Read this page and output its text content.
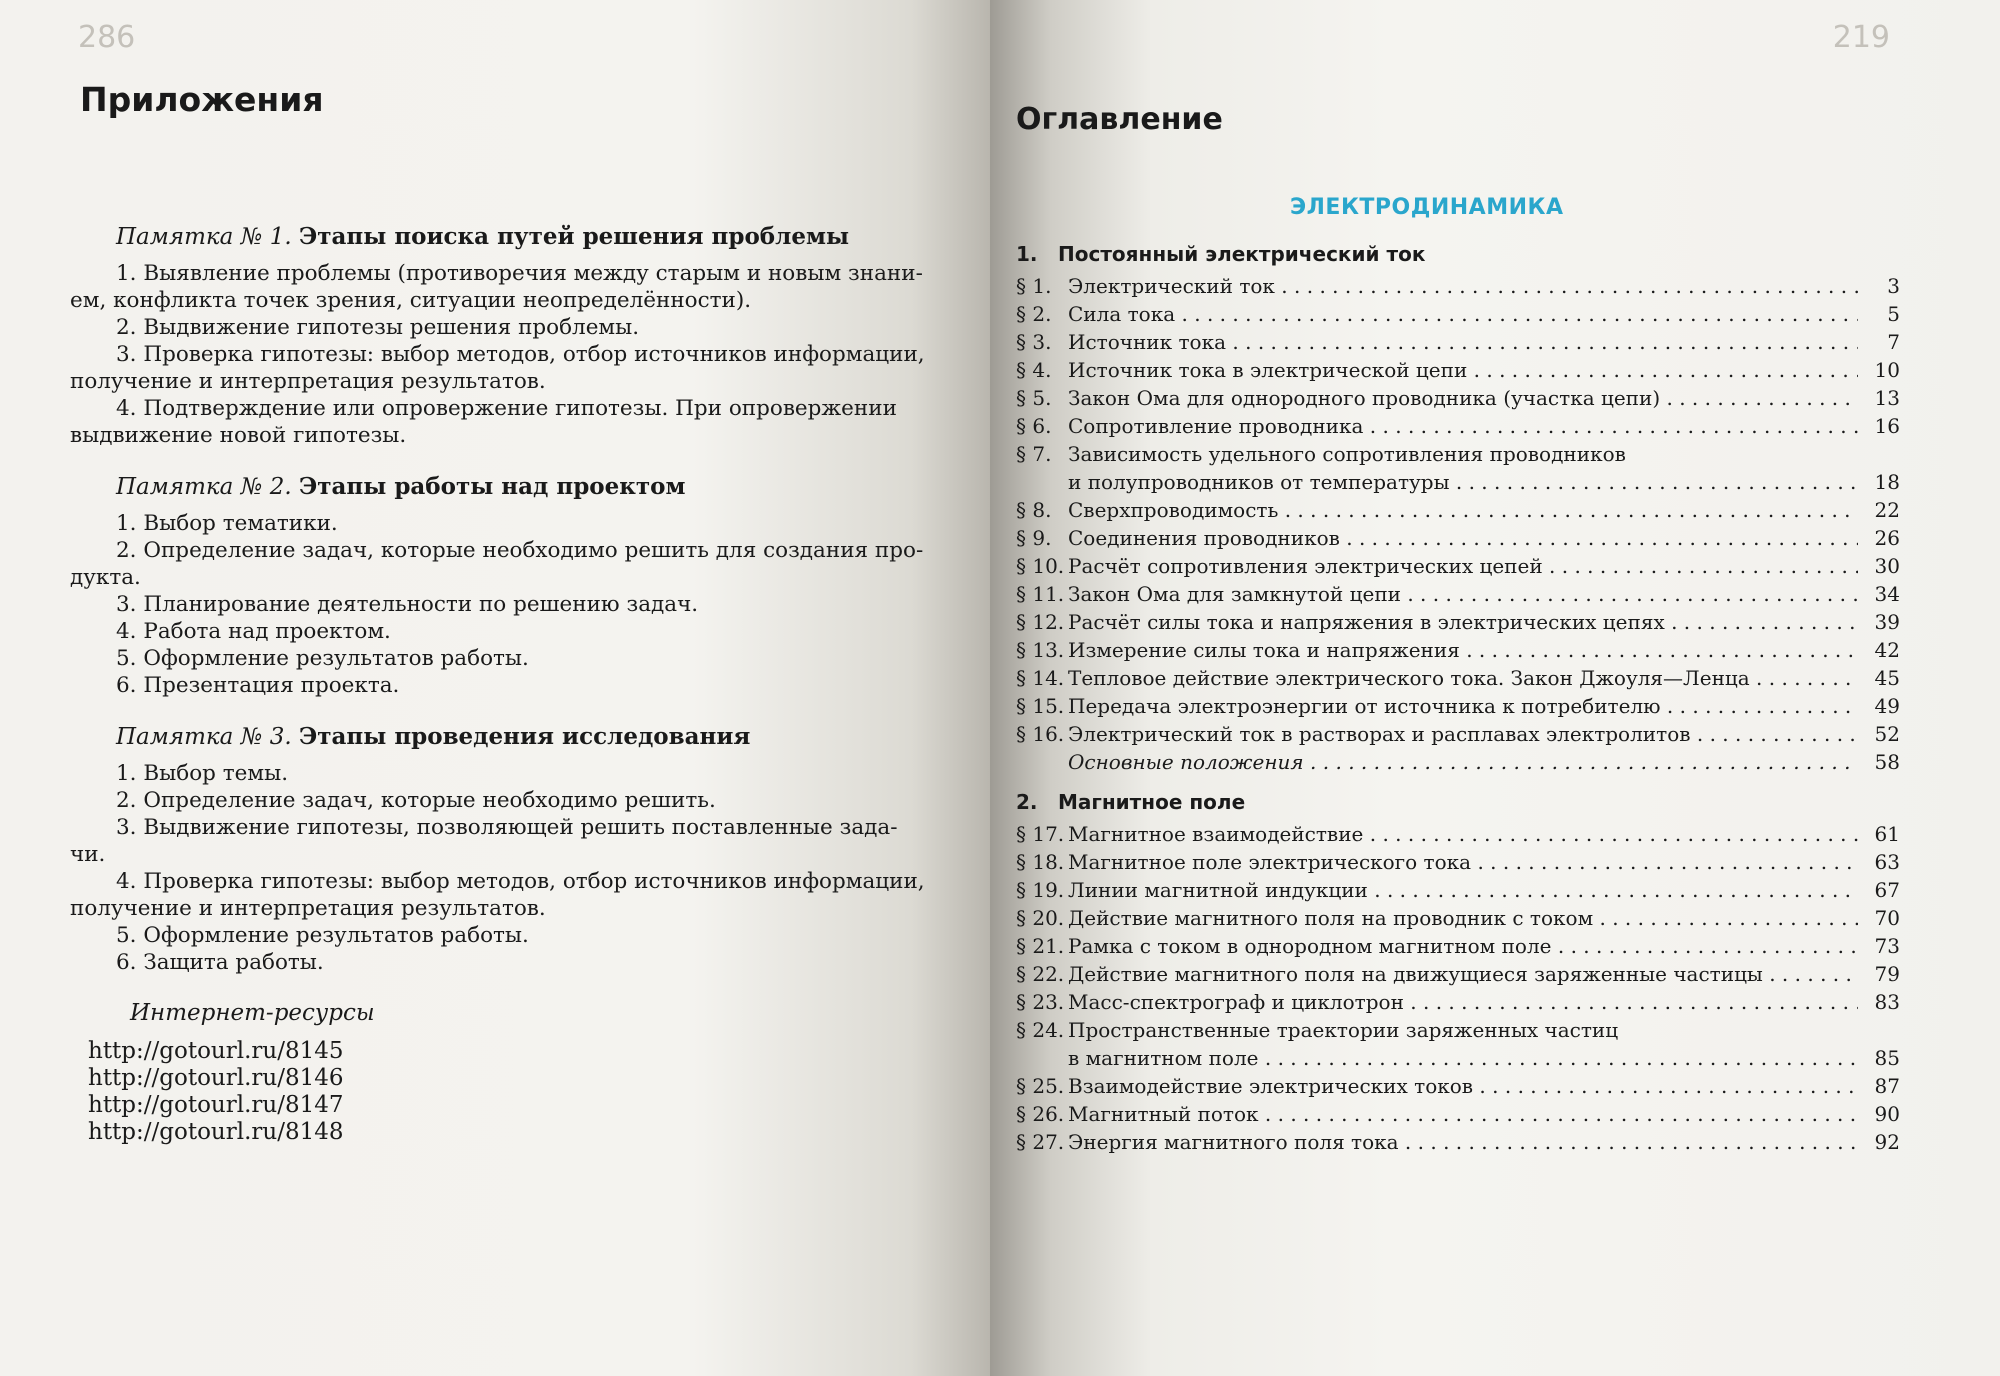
286
Приложения
Памятка № 1. Этапы поиска путей решения проблемы

1. Выявление проблемы (противоречия между старым и новым знани-

ем, конфликта точек зрения, ситуации неопределённости).

2. Выдвижение гипотезы решения проблемы.

3. Проверка гипотезы: выбор методов, отбор источников информации,

получение и интерпретация результатов.

4. Подтверждение или опровержение гипотезы. При опровержении

выдвижение новой гипотезы.

Памятка № 2. Этапы работы над проектом

1. Выбор тематики.

2. Определение задач, которые необходимо решить для создания про-

дукта.

3. Планирование деятельности по решению задач.

4. Работа над проектом.

5. Оформление результатов работы.

6. Презентация проекта.

Памятка № 3. Этапы проведения исследования

1. Выбор темы.

2. Определение задач, которые необходимо решить.

3. Выдвижение гипотезы, позволяющей решить поставленные зада-

чи.

4. Проверка гипотезы: выбор методов, отбор источников информации,

получение и интерпретация результатов.

5. Оформление результатов работы.

6. Защита работы.

Интернет-ресурсы
http://gotourl.ru/8145
http://gotourl.ru/8146
http://gotourl.ru/8147
http://gotourl.ru/8148
219
Оглавление
ЭЛЕКТРОДИНАМИКА
1. Постоянный электрический ток
§ 1. Электрический ток . . .	3
§ 2. Сила тока . . .	5
§ 3. Источник тока . . .	7
§ 4. Источник тока в электрической цепи . . .	10
§ 5. Закон Ома для однородного проводника (участка цепи) . . .	13
§ 6. Сопротивление проводника . . .	16
§ 7. Зависимость удельного сопротивления проводников
и полупроводников от температуры . . .	18
§ 8. Сверхпроводимость . . .	22
§ 9. Соединения проводников . . .	26
§ 10. Расчёт сопротивления электрических цепей . . .	30
§ 11. Закон Ома для замкнутой цепи . . .	34
§ 12. Расчёт силы тока и напряжения в электрических цепях . . .	39
§ 13. Измерение силы тока и напряжения . . .	42
§ 14. Тепловое действие электрического тока. Закон Джоуля—Ленца . . .	45
§ 15. Передача электроэнергии от источника к потребителю . . .	49
§ 16. Электрический ток в растворах и расплавах электролитов . . .	52
Основные положения . . .	58
2. Магнитное поле
§ 17. Магнитное взаимодействие . . .	61
§ 18. Магнитное поле электрического тока . . .	63
§ 19. Линии магнитной индукции . . .	67
§ 20. Действие магнитного поля на проводник с током . . .	70
§ 21. Рамка с током в однородном магнитном поле . . .	73
§ 22. Действие магнитного поля на движущиеся заряженные частицы . . .	79
§ 23. Масс-спектрограф и циклотрон . . .	83
§ 24. Пространственные траектории заряженных частиц
в магнитном поле . . .	85
§ 25. Взаимодействие электрических токов . . .	87
§ 26. Магнитный поток . . .	90
§ 27. Энергия магнитного поля тока . . .	92
